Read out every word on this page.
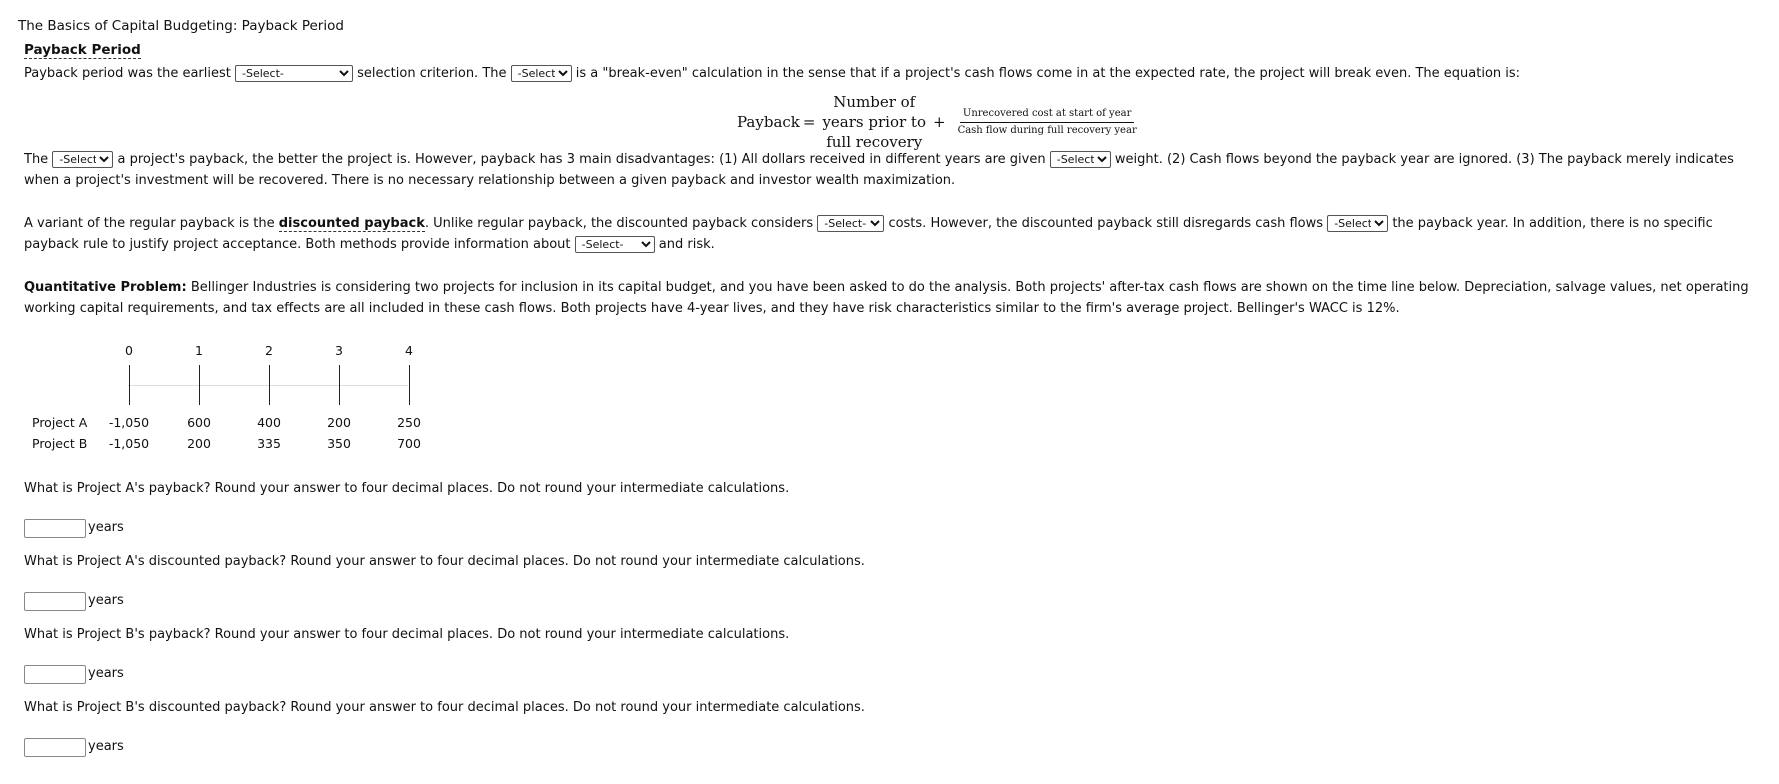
The Basics of Capital Budgeting: Payback Period
Payback Period

Payback period was the earliest
-Select-	selection criterion. The
-Select-	is a "break-even" calculation in the sense that if a project's cash flows come in at the expected rate, the project will break even. The equation is:

Payback =
Number of
years prior to
full recovery
+ $\frac{\text{Unrecovered cost at start of year}}{\text{Cash flow during full recovery year}}$

The
-Select-	a project's payback, the better the project is. However, payback has 3 main disadvantages: (1) All dollars received in different years are given
-Select-	weight. (2) Cash flows beyond the payback year are ignored. (3) The payback merely indicates when a project's investment will be recovered. There is no necessary relationship between a given payback and investor wealth maximization.

A variant of the regular payback is the discounted payback. Unlike regular payback, the discounted payback considers
-Select-	costs. However, the discounted payback still disregards cash flows
-Select-	the payback year. In addition, there is no specific payback rule to justify project acceptance. Both methods provide information about
-Select-	and risk.

Quantitative Problem: Bellinger Industries is considering two projects for inclusion in its capital budget, and you have been asked to do the analysis. Both projects' after-tax cash flows are shown on the time line below. Depreciation, salvage values, net operating working capital requirements, and tax effects are all included in these cash flows. Both projects have 4-year lives, and they have risk characteristics similar to the firm's average project. Bellinger's WACC is 12%.

0	1	2	3	4
Project A	-1,050	600	400	200	250
Project B	-1,050	200	335	350	700

What is Project A's payback? Round your answer to four decimal places. Do not round your intermediate calculations.

years

What is Project A's discounted payback? Round your answer to four decimal places. Do not round your intermediate calculations.

years

What is Project B's payback? Round your answer to four decimal places. Do not round your intermediate calculations.

years

What is Project B's discounted payback? Round your answer to four decimal places. Do not round your intermediate calculations.

years
